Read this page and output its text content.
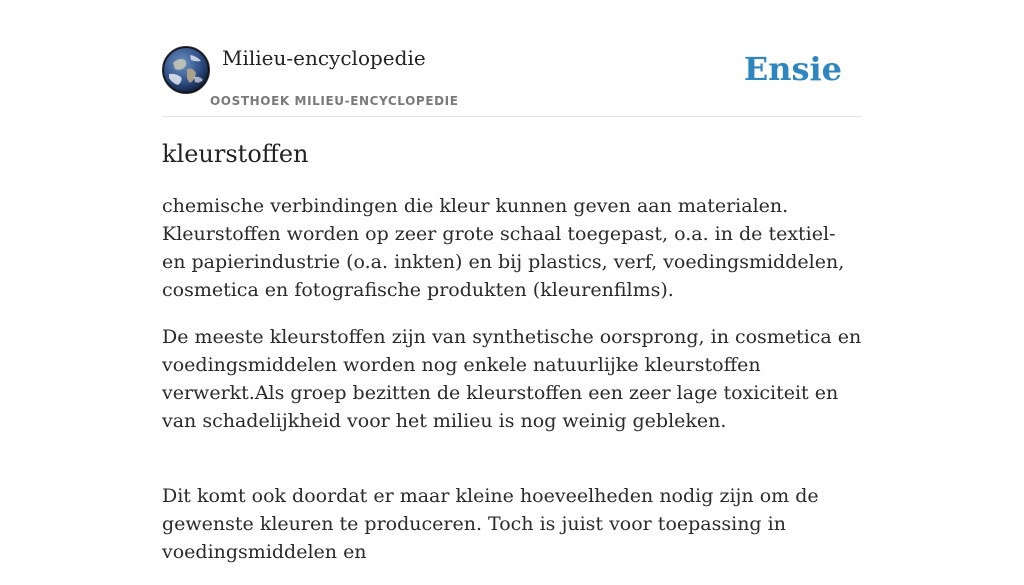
Milieu-encyclopedie
OOSTHOEK MILIEU-ENCYCLOPEDIE
Ensie
kleurstoffen

chemische verbindingen die kleur kunnen geven aan materialen. Kleurstoffen worden op zeer grote schaal toegepast, o.a. in de textiel- en papierindustrie (o.a. inkten) en bij plastics, verf, voedingsmiddelen, cosmetica en fotografische produkten (kleurenfilms).

De meeste kleurstoffen zijn van synthetische oorsprong, in cosmetica en voedingsmiddelen worden nog enkele natuurlijke kleurstoffen verwerkt.Als groep bezitten de kleurstoffen een zeer lage toxiciteit en van schadelijkheid voor het milieu is nog weinig gebleken.

Dit komt ook doordat er maar kleine hoeveelheden nodig zijn om de gewenste kleuren te produceren. Toch is juist voor toepassing in voedingsmiddelen en
